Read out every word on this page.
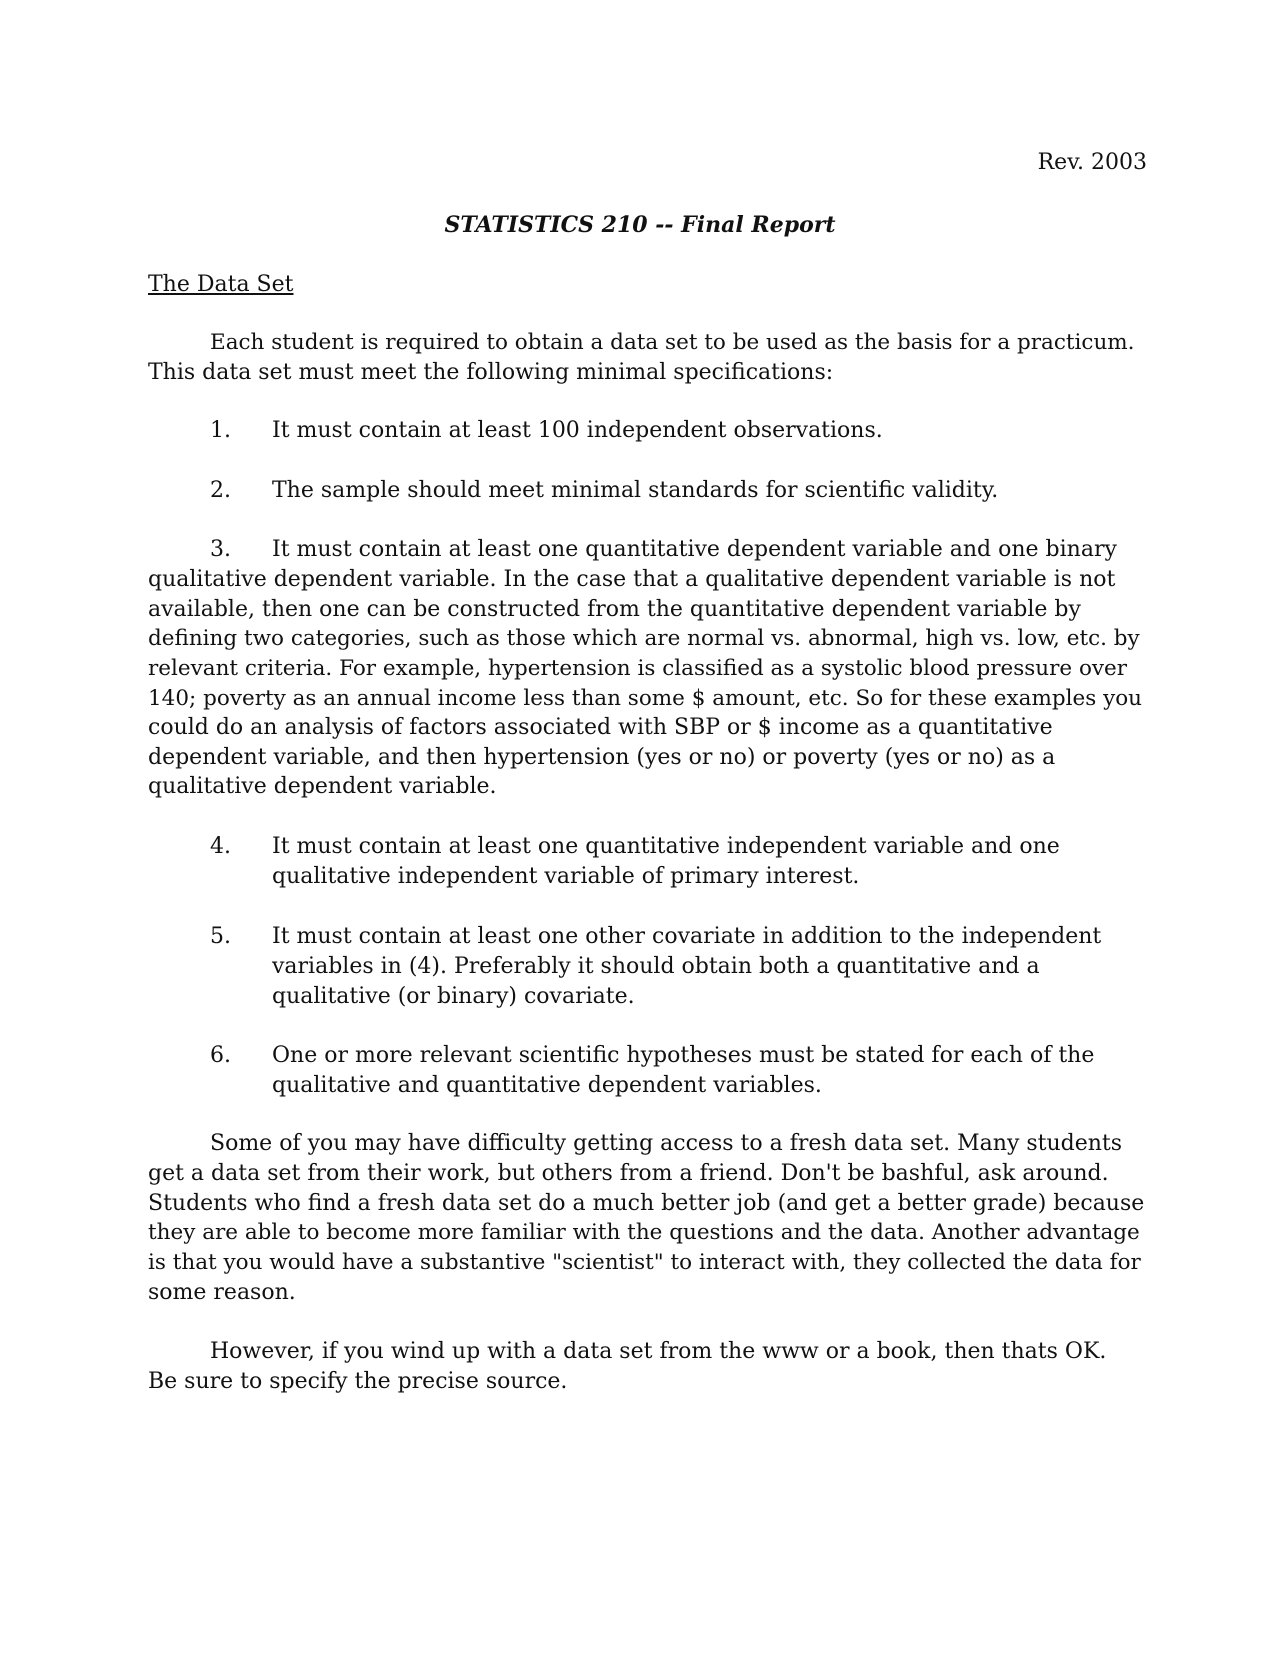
Rev. 2003
STATISTICS 210 -- Final Report
The Data Set
Each student is required to obtain a data set to be used as the basis for a practicum.
This data set must meet the following minimal specifications:
1. It must contain at least 100 independent observations.
2. The sample should meet minimal standards for scientific validity.
3. It must contain at least one quantitative dependent variable and one binary
qualitative dependent variable. In the case that a qualitative dependent variable is not
available, then one can be constructed from the quantitative dependent variable by
defining two categories, such as those which are normal vs. abnormal, high vs. low, etc. by
relevant criteria. For example, hypertension is classified as a systolic blood pressure over
140; poverty as an annual income less than some $ amount, etc. So for these examples you
could do an analysis of factors associated with SBP or $ income as a quantitative
dependent variable, and then hypertension (yes or no) or poverty (yes or no) as a
qualitative dependent variable.
4. It must contain at least one quantitative independent variable and one
qualitative independent variable of primary interest.
5. It must contain at least one other covariate in addition to the independent
variables in (4). Preferably it should obtain both a quantitative and a
qualitative (or binary) covariate.
6. One or more relevant scientific hypotheses must be stated for each of the
qualitative and quantitative dependent variables.
Some of you may have difficulty getting access to a fresh data set. Many students
get a data set from their work, but others from a friend. Don't be bashful, ask around.
Students who find a fresh data set do a much better job (and get a better grade) because
they are able to become more familiar with the questions and the data. Another advantage
is that you would have a substantive "scientist" to interact with, they collected the data for
some reason.
However, if you wind up with a data set from the www or a book, then thats OK.
Be sure to specify the precise source.
